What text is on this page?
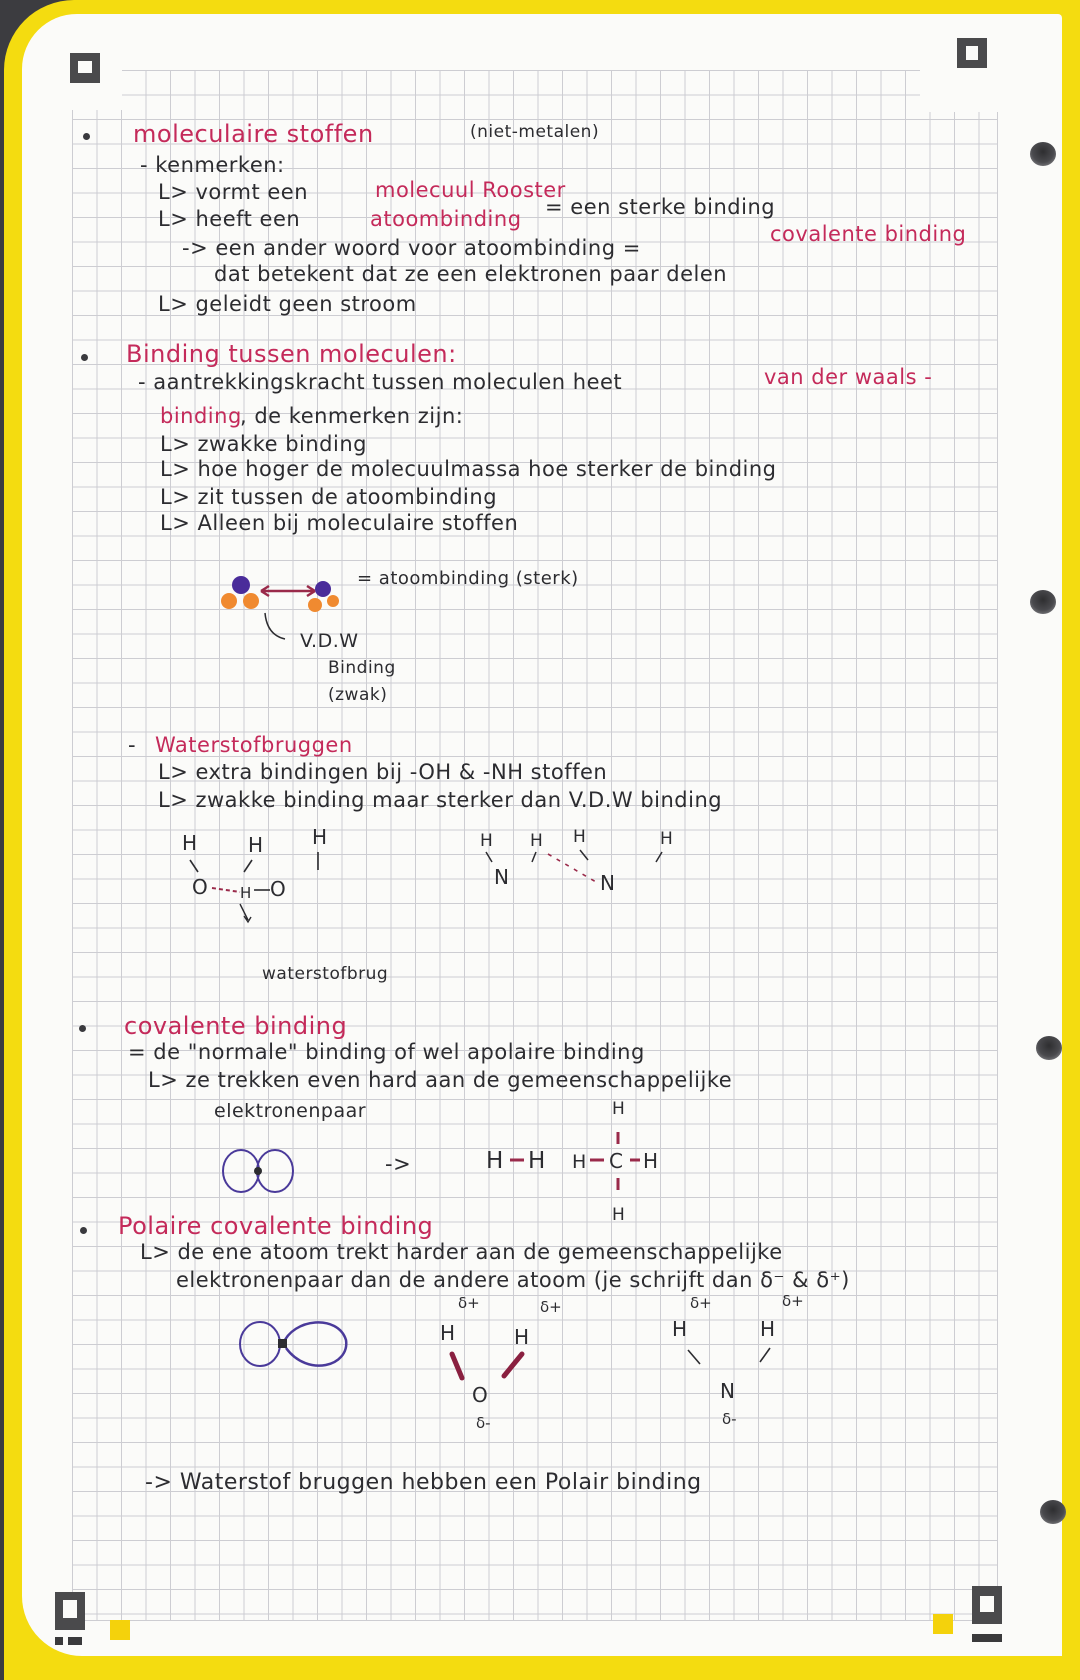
moleculaire stoffen	(niet-metalen)
- kenmerken:
L> vormt een	molecuul Rooster
L> heeft een	atoombinding = een sterke binding
-> een ander woord voor atoombinding =
covalente binding
dat betekent dat ze een elektronen paar delen
L> geleidt geen stroom
Binding tussen moleculen:
- aantrekkingskracht tussen moleculen heet	van der waals -
binding
, de kenmerken zijn:
L> zwakke binding
L> hoe hoger de molecuulmassa hoe sterker de binding
L> zit tussen de atoombinding
L> Alleen bij moleculaire stoffen
= atoombinding (sterk)
V.D.W
Binding
(zwak)
- Waterstofbruggen
L> extra bindingen bij -OH & -NH stoffen
L> zwakke binding maar sterker dan V.D.W binding
H	H H
O H O
waterstofbrug
H H H	H
N	N
covalente binding
= de "normale" binding of wel apolaire binding
L> ze trekken even hard aan de gemeenschappelijke
elektronenpaar
->	H H
H
H C H
H
Polaire covalente binding
L> de ene atoom trekt harder aan de gemeenschappelijke
elektronenpaar dan de andere atoom (je schrijft dan δ⁻ & δ⁺)
δ+
H
δ+
H
O
δ-
δ+
H
δ+
H
N
δ-
-> Waterstof bruggen hebben een Polair binding
